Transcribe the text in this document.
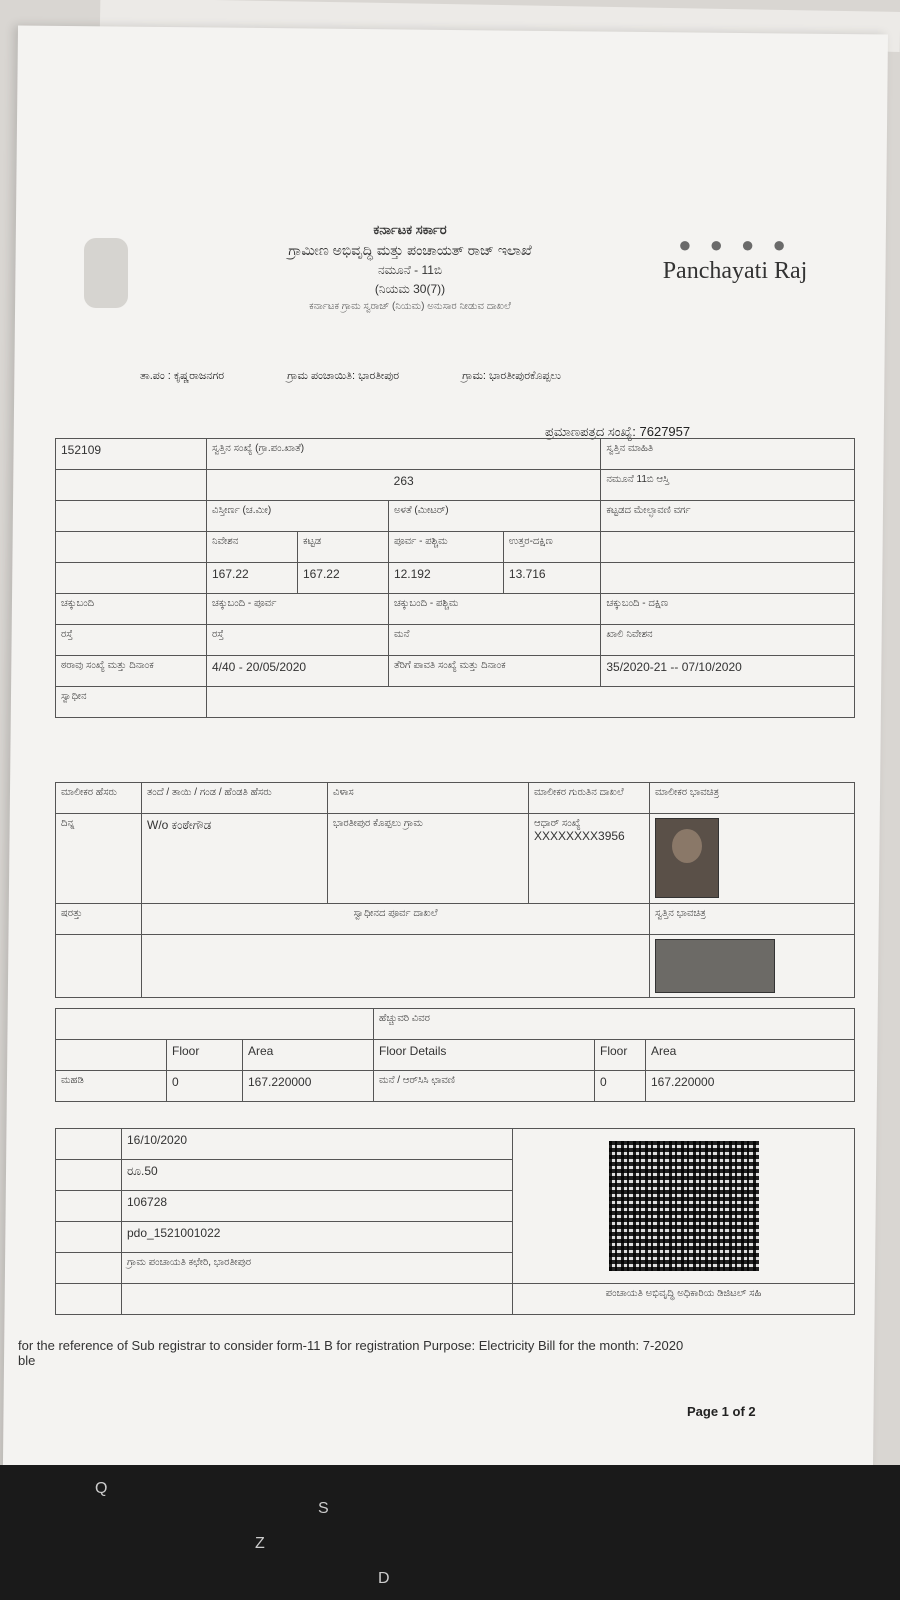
ಕರ್ನಾಟಕ ಸರ್ಕಾರ
ಗ್ರಾಮೀಣ ಅಭಿವೃದ್ಧಿ ಮತ್ತು ಪಂಚಾಯತ್ ರಾಜ್ ಇಲಾಖೆ
ನಮೂನೆ - 11ಬಿ
(ನಿಯಮ 30(7))
ಕರ್ನಾಟಕ ಗ್ರಾಮ ಸ್ವರಾಜ್ (ನಿಯಮ) ಅನುಸಾರ ನೀಡುವ ದಾಖಲೆ
● ● ● ●
Panchayati Raj
ತಾ.ಪಂ : ಕೃಷ್ಣರಾಜನಗರ	ಗ್ರಾಮ ಪಂಚಾಯಿತಿ: ಭಾರತೀಪುರ	ಗ್ರಾಮ: ಭಾರತೀಪುರಕೊಪ್ಪಲು
ಪ್ರಮಾಣಪತ್ರದ ಸಂಖ್ಯೆ: 7627957
152109	ಸ್ವತ್ತಿನ ಸಂಖ್ಯೆ (ಗ್ರಾ.ಪಂ.ಖಾತೆ)				ಸ್ವತ್ತಿನ ಮಾಹಿತಿ
	263				ನಮೂನೆ 11ಬಿ ಆಸ್ತಿ
	ವಿಸ್ತೀರ್ಣ (ಚ.ಮೀ)		ಅಳತೆ (ಮೀಟರ್)		ಕಟ್ಟಡದ ಮೇಲ್ಛಾವಣಿ ವರ್ಗ
	ನಿವೇಶನ	ಕಟ್ಟಡ	ಪೂರ್ವ - ಪಶ್ಚಿಮ	ಉತ್ತರ-ದಕ್ಷಿಣ	
	167.22	167.22	12.192	13.716	
ಚಕ್ಕುಬಂದಿ	ಚಕ್ಕುಬಂದಿ - ಪೂರ್ವ		ಚಕ್ಕುಬಂದಿ - ಪಶ್ಚಿಮ		ಚಕ್ಕುಬಂದಿ - ದಕ್ಷಿಣ
ರಸ್ತೆ	ರಸ್ತೆ		ಮನೆ		ಖಾಲಿ ನಿವೇಶನ
ಠರಾವು ಸಂಖ್ಯೆ ಮತ್ತು ದಿನಾಂಕ	4/40 - 20/05/2020		ತೆರಿಗೆ ಪಾವತಿ ಸಂಖ್ಯೆ ಮತ್ತು ದಿನಾಂಕ		35/2020-21 -- 07/10/2020
ಸ್ವಾಧೀನ					
ಮಾಲೀಕರ ಹೆಸರು	ತಂದೆ / ತಾಯಿ / ಗಂಡ / ಹೆಂಡತಿ ಹೆಸರು	ವಿಳಾಸ	ಮಾಲೀಕರ ಗುರುತಿನ ದಾಖಲೆ	ಮಾಲೀಕರ ಭಾವಚಿತ್ರ
ದಿನ್ನ	W/o ಕಂಠೇಗೌಡ	ಭಾರತೀಪುರ ಕೊಪ್ಪಲು ಗ್ರಾಮ	ಆಧಾರ್ ಸಂಖ್ಯೆ
XXXXXXXX3956	

ಷರತ್ತು	ಸ್ವಾಧೀನದ ಪೂರ್ವ ದಾಖಲೆ			ಸ್ವತ್ತಿನ ಭಾವಚಿತ್ರ

			ಹೆಚ್ಚುವರಿ ವಿವರ		
	Floor	Area	Floor Details	Floor	Area
ಮಹಡಿ	0	167.220000	ಮನೆ / ಆರ್‌ಸಿಸಿ ಛಾವಣಿ	0	167.220000
	16/10/2020	

	ರೂ.50	
	106728	
	pdo_1521001022	
	ಗ್ರಾಮ ಪಂಚಾಯತಿ ಕಛೇರಿ, ಭಾರತೀಪುರ	
		ಪಂಚಾಯತಿ ಅಭಿವೃದ್ಧಿ ಅಧಿಕಾರಿಯ ಡಿಜಿಟಲ್ ಸಹಿ
for the reference of Sub registrar to consider form-11 B for registration Purpose: Electricity Bill for the month: 7-2020
ble
Page 1 of 2
Q
S
Z
D
